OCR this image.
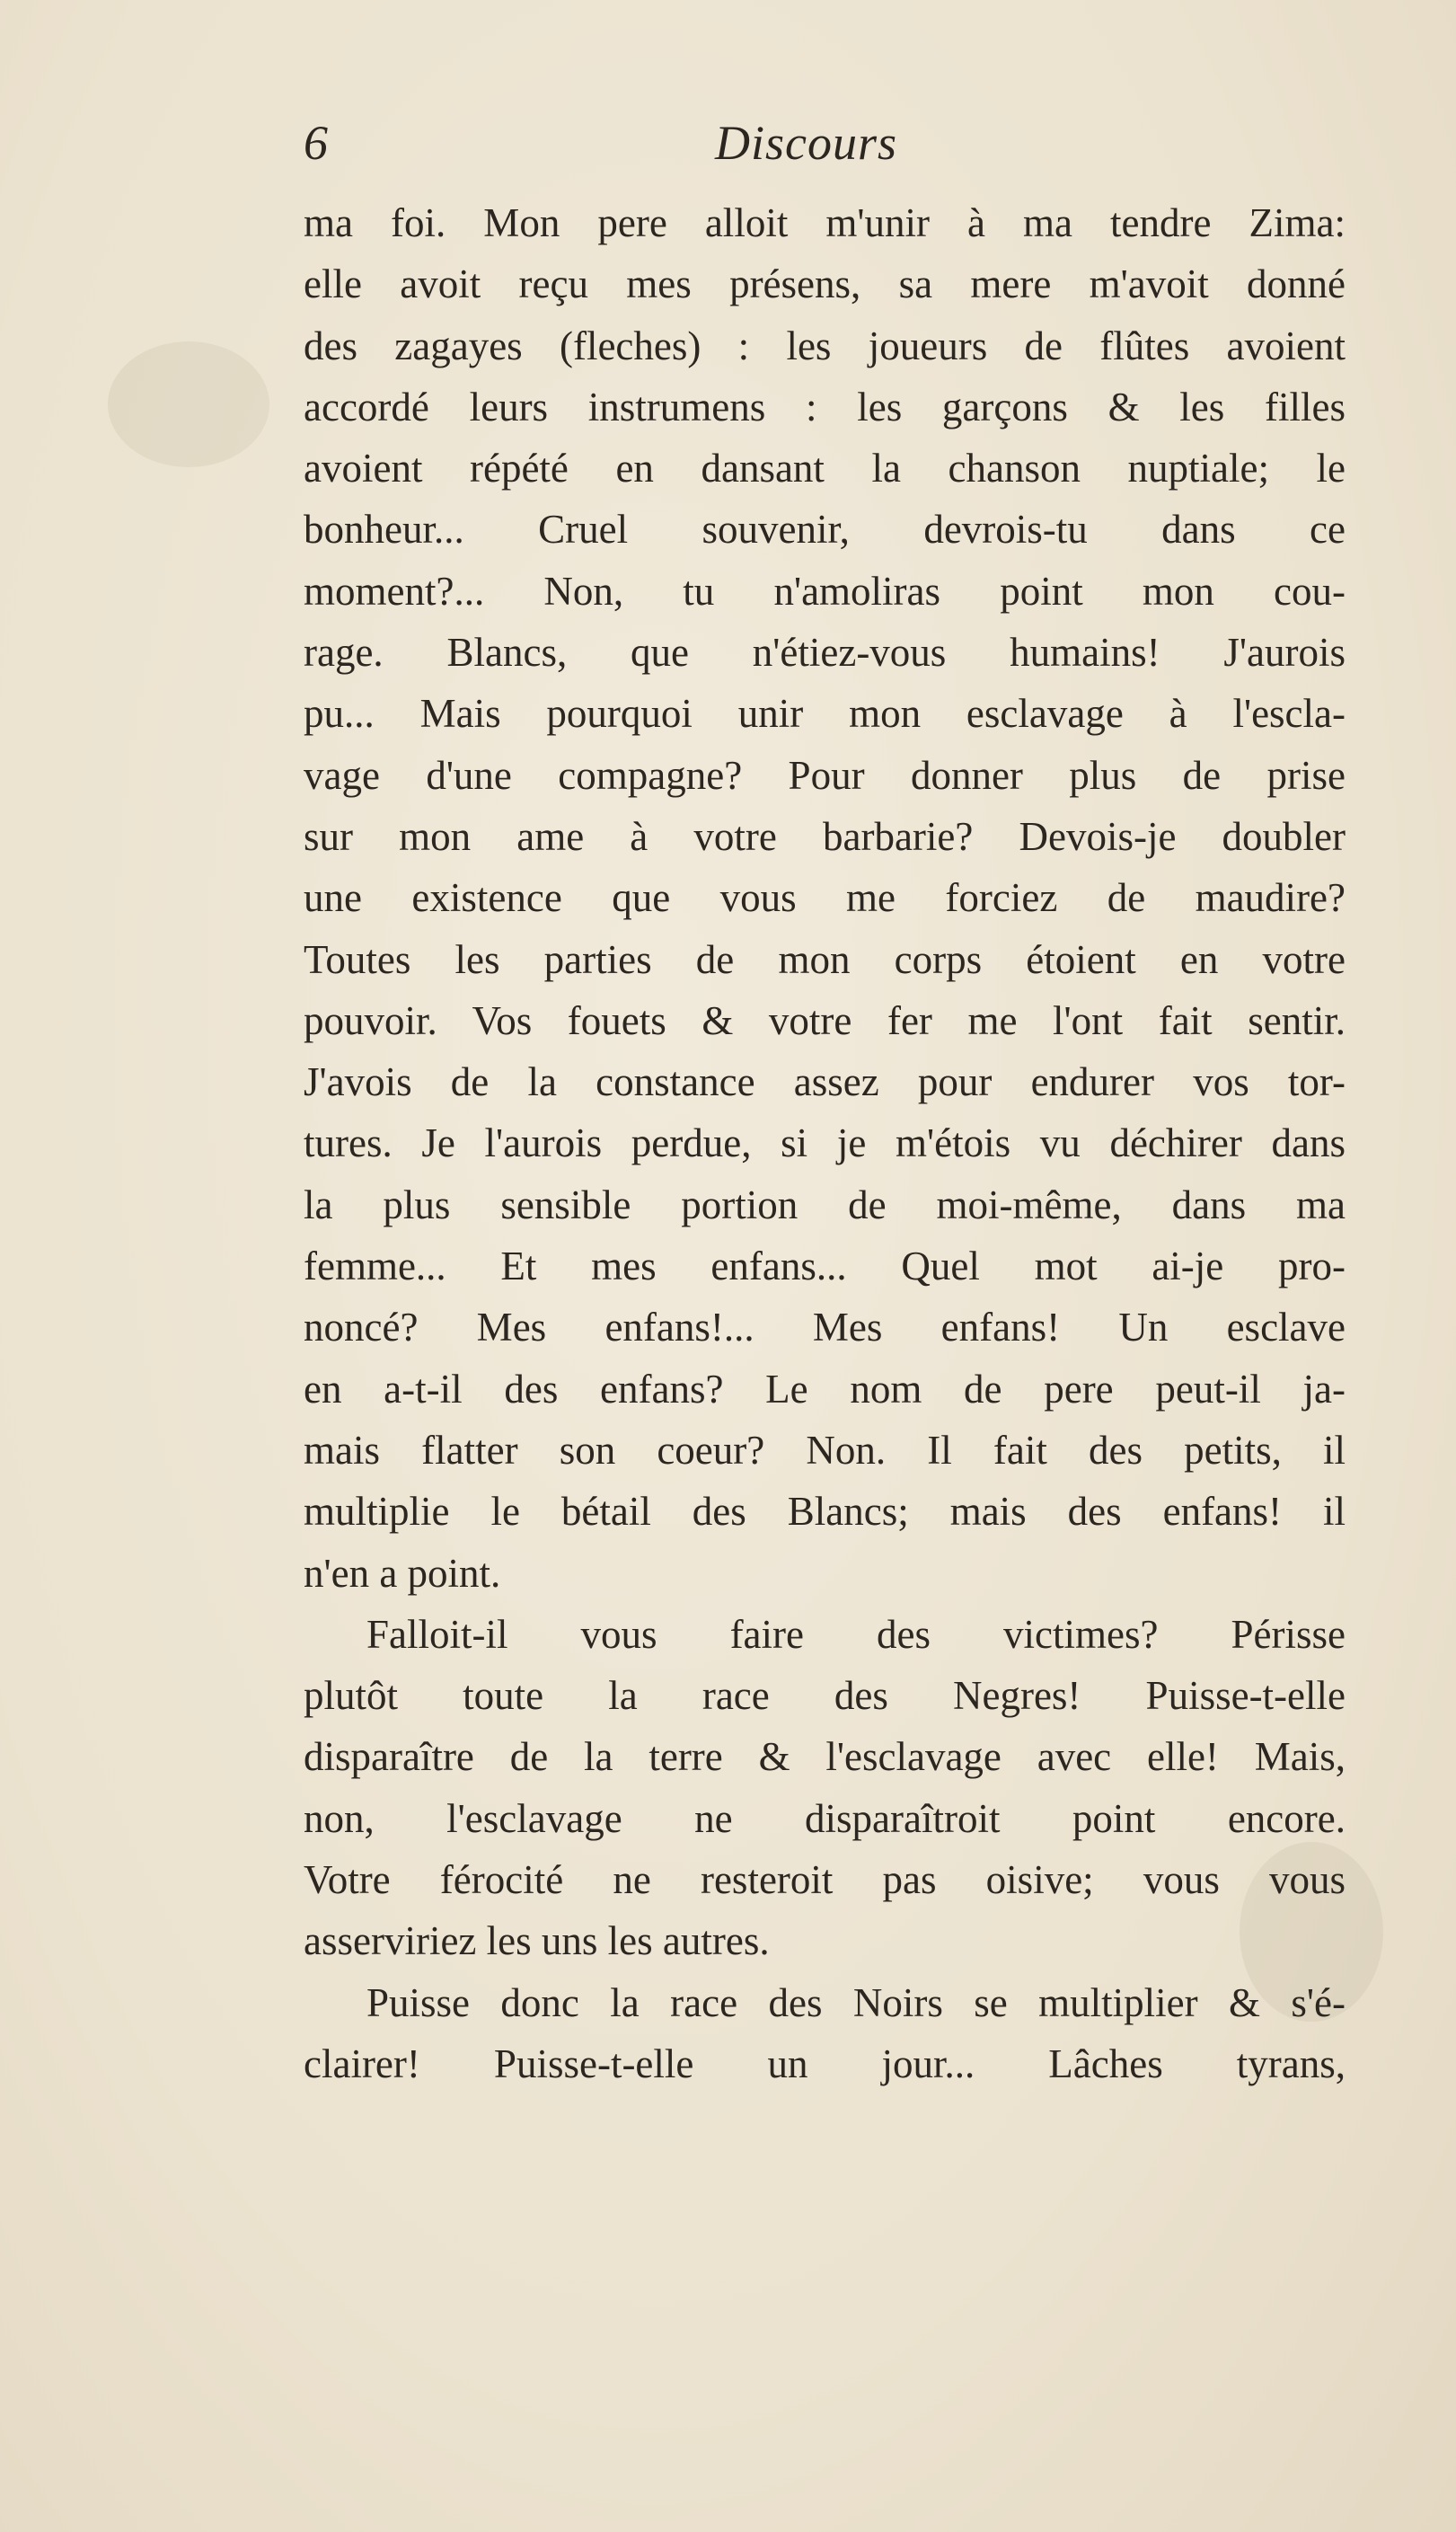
6	Discours
ma foi. Mon pere alloit m'unir à ma tendre Zima:
elle avoit reçu mes présens, sa mere m'avoit donné
des zagayes (fleches) : les joueurs de flûtes avoient
accordé leurs instrumens : les garçons & les filles
avoient répété en dansant la chanson nuptiale; le
bonheur... Cruel souvenir, devrois-tu dans ce
moment?... Non, tu n'amoliras point mon cou-
rage. Blancs, que n'étiez-vous humains! J'aurois
pu... Mais pourquoi unir mon esclavage à l'escla-
vage d'une compagne? Pour donner plus de prise
sur mon ame à votre barbarie? Devois-je doubler
une existence que vous me forciez de maudire?
Toutes les parties de mon corps étoient en votre
pouvoir. Vos fouets & votre fer me l'ont fait sentir.
J'avois de la constance assez pour endurer vos tor-
tures. Je l'aurois perdue, si je m'étois vu déchirer dans
la plus sensible portion de moi-même, dans ma
femme... Et mes enfans... Quel mot ai-je pro-
noncé? Mes enfans!... Mes enfans! Un esclave
en a-t-il des enfans? Le nom de pere peut-il ja-
mais flatter son coeur? Non. Il fait des petits, il
multiplie le bétail des Blancs; mais des enfans! il
n'en a point.
Falloit-il vous faire des victimes? Périsse
plutôt toute la race des Negres! Puisse-t-elle
disparaître de la terre & l'esclavage avec elle! Mais,
non, l'esclavage ne disparaîtroit point encore.
Votre férocité ne resteroit pas oisive; vous vous
asserviriez les uns les autres.
Puisse donc la race des Noirs se multiplier & s'é-
clairer! Puisse-t-elle un jour... Lâches tyrans,
